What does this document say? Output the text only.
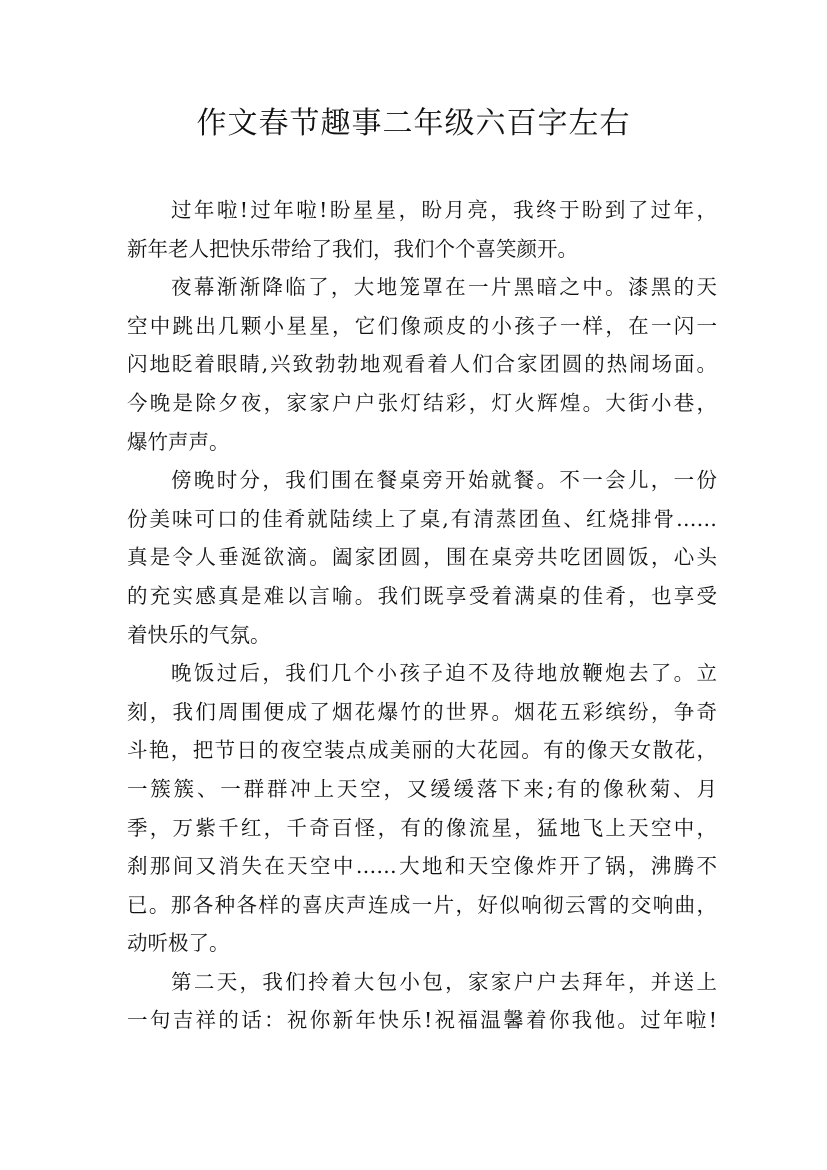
作文春节趣事二年级六百字左右
过年啦!过年啦!盼星星，盼月亮，我终于盼到了过年，
新年老人把快乐带给了我们，我们个个喜笑颜开。
夜幕渐渐降临了，大地笼罩在一片黑暗之中。漆黑的天
空中跳出几颗小星星，它们像顽皮的小孩子一样，在一闪一
闪地眨着眼睛,兴致勃勃地观看着人们合家团圆的热闹场面。
今晚是除夕夜，家家户户张灯结彩，灯火辉煌。大街小巷，
爆竹声声。
傍晚时分，我们围在餐桌旁开始就餐。不一会儿，一份
份美味可口的佳肴就陆续上了桌,有清蒸团鱼、红烧排骨……
真是令人垂涎欲滴。阖家团圆，围在桌旁共吃团圆饭，心头
的充实感真是难以言喻。我们既享受着满桌的佳肴，也享受
着快乐的气氛。
晚饭过后，我们几个小孩子迫不及待地放鞭炮去了。立
刻，我们周围便成了烟花爆竹的世界。烟花五彩缤纷，争奇
斗艳，把节日的夜空装点成美丽的大花园。有的像天女散花，
一簇簇、一群群冲上天空，又缓缓落下来;有的像秋菊、月
季，万紫千红，千奇百怪，有的像流星，猛地飞上天空中，
刹那间又消失在天空中……大地和天空像炸开了锅，沸腾不
已。那各种各样的喜庆声连成一片，好似响彻云霄的交响曲，
动听极了。
第二天，我们拎着大包小包，家家户户去拜年，并送上
一句吉祥的话：祝你新年快乐!祝福温馨着你我他。过年啦!
